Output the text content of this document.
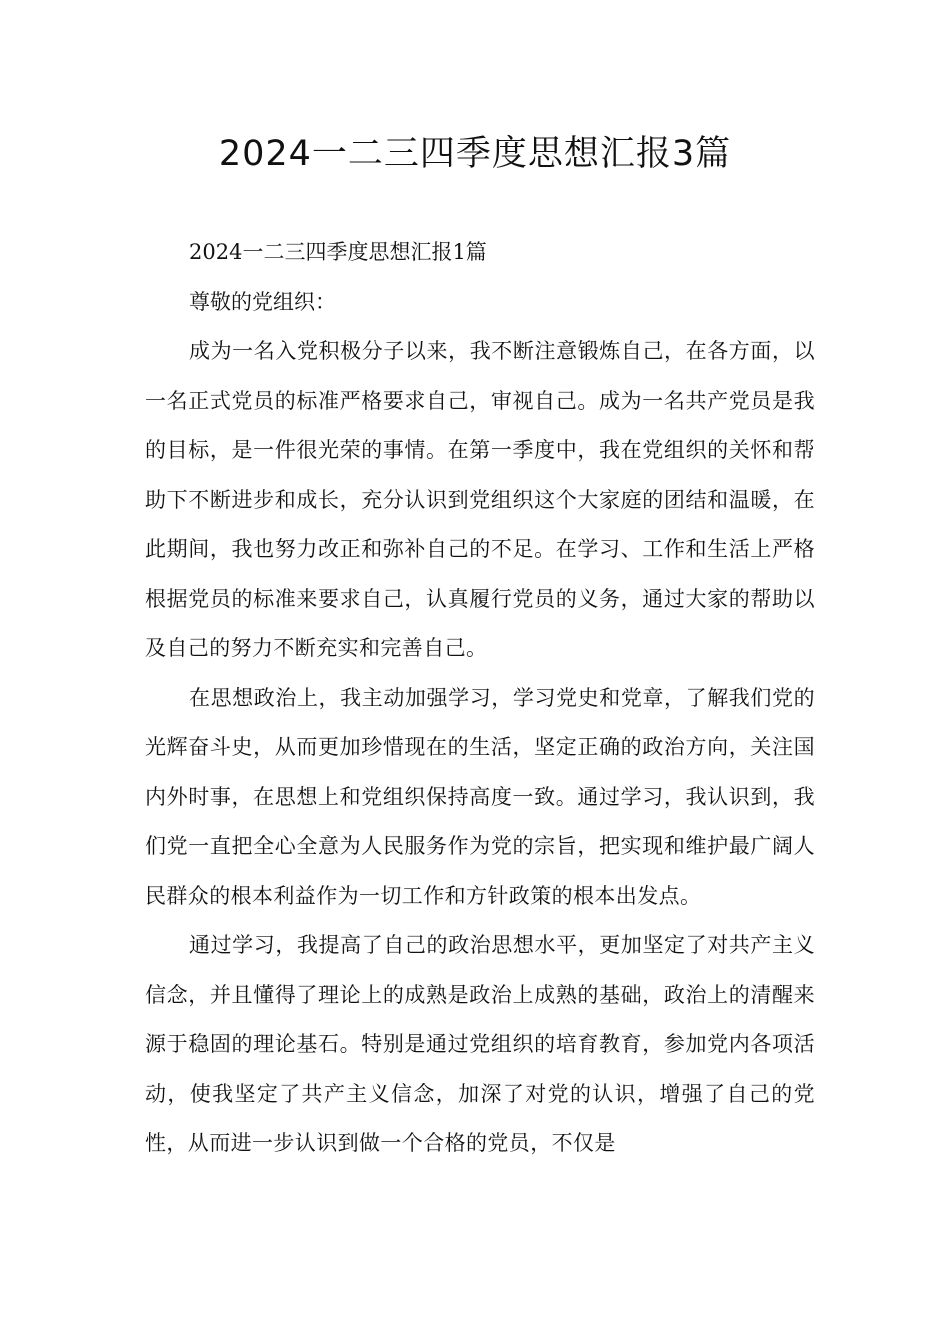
2024一二三四季度思想汇报3篇

2024一二三四季度思想汇报1篇

尊敬的党组织：

成为一名入党积极分子以来，我不断注意锻炼自己，在各方面，以一名正式党员的标准严格要求自己，审视自己。成为一名共产党员是我的目标，是一件很光荣的事情。在第一季度中，我在党组织的关怀和帮助下不断进步和成长，充分认识到党组织这个大家庭的团结和温暖，在此期间，我也努力改正和弥补自己的不足。在学习、工作和生活上严格根据党员的标准来要求自己，认真履行党员的义务，通过大家的帮助以及自己的努力不断充实和完善自己。

在思想政治上，我主动加强学习，学习党史和党章，了解我们党的光辉奋斗史，从而更加珍惜现在的生活，坚定正确的政治方向，关注国内外时事，在思想上和党组织保持高度一致。通过学习，我认识到，我们党一直把全心全意为人民服务作为党的宗旨，把实现和维护最广阔人民群众的根本利益作为一切工作和方针政策的根本出发点。

通过学习，我提高了自己的政治思想水平，更加坚定了对共产主义信念，并且懂得了理论上的成熟是政治上成熟的基础，政治上的清醒来源于稳固的理论基石。特别是通过党组织的培育教育，参加党内各项活动，使我坚定了共产主义信念，加深了对党的认识，增强了自己的党性，从而进一步认识到做一个合格的党员，不仅是
